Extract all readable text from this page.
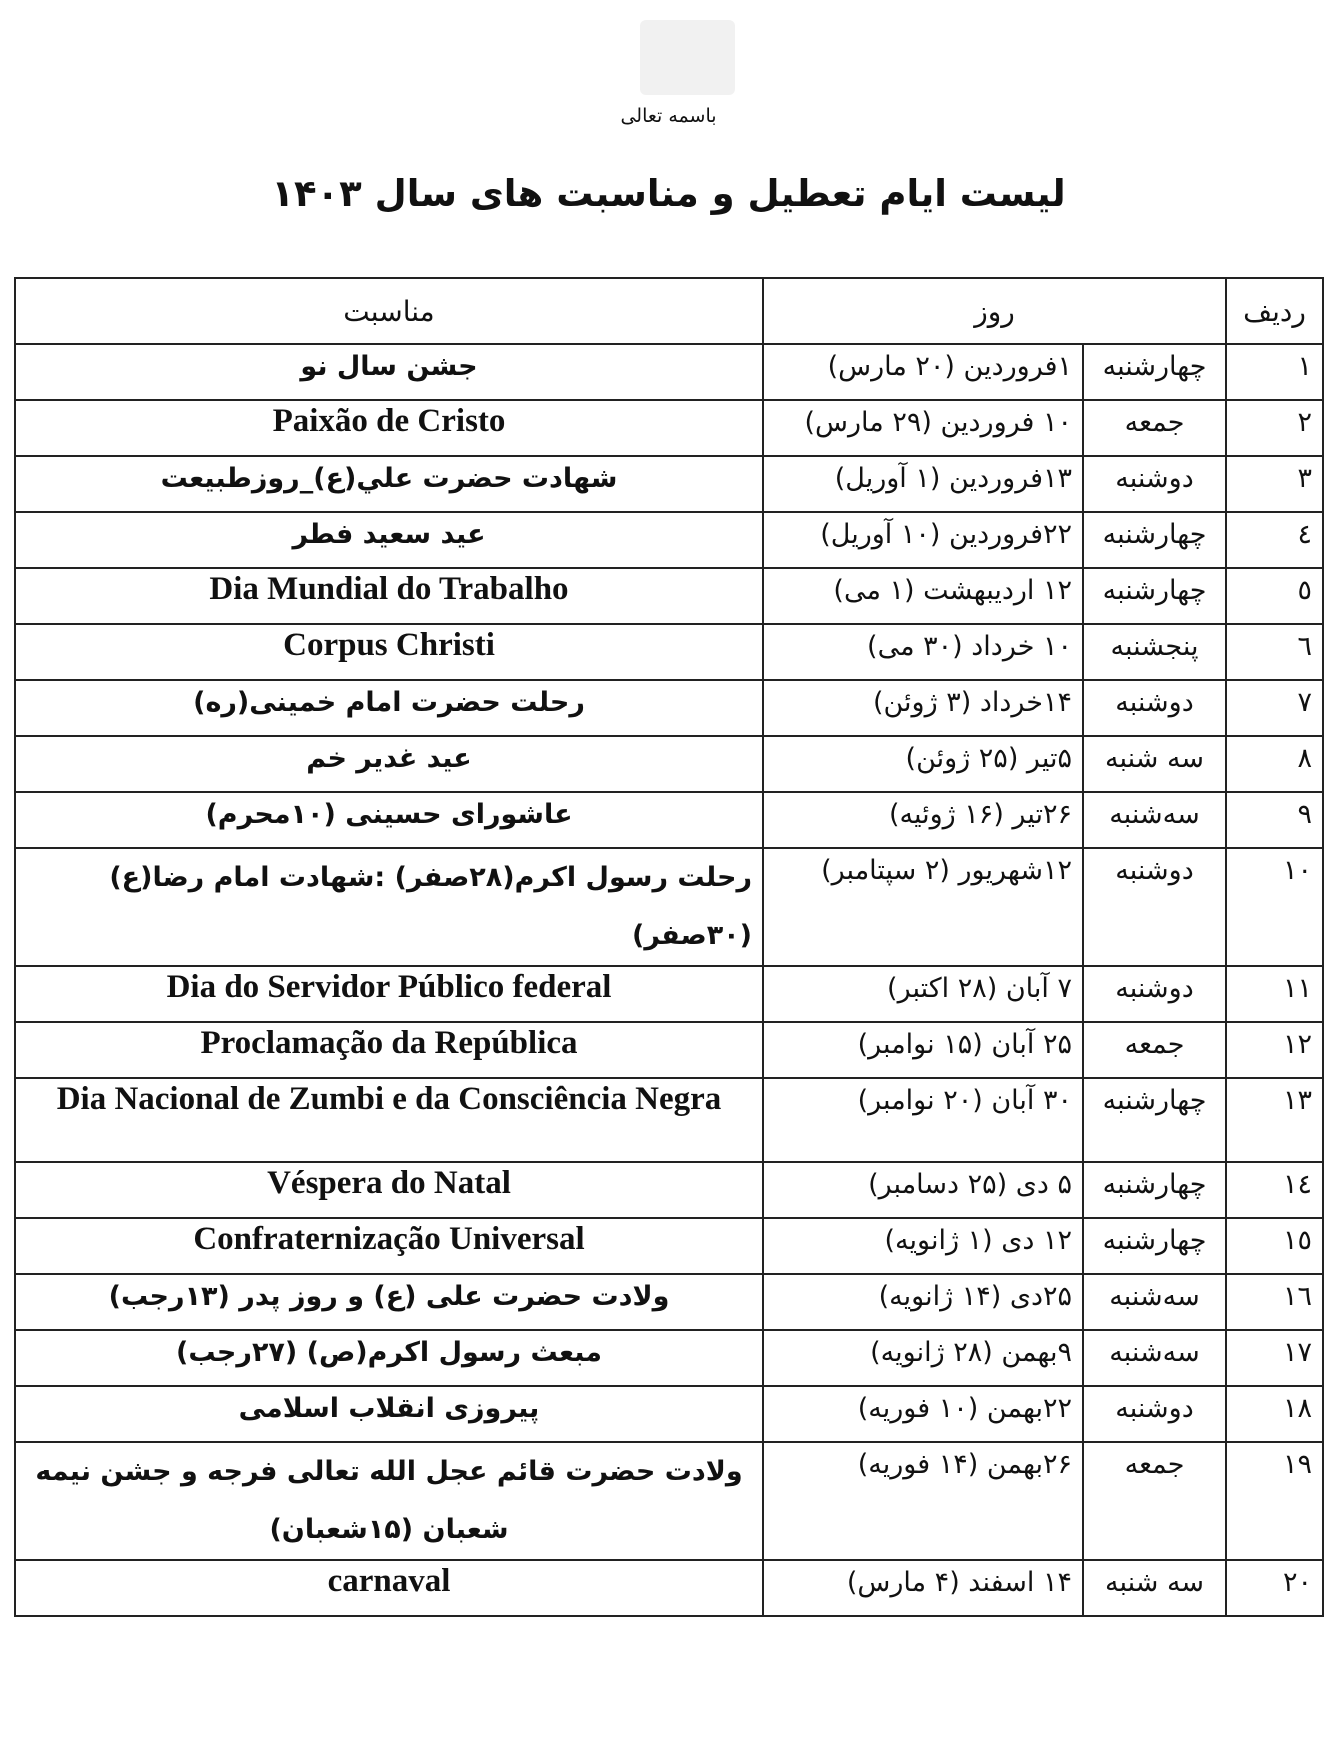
باسمه تعالی
لیست ایام تعطیل و مناسبت های سال ۱۴۰۳
ردیف	روز		مناسبت
۱	چهارشنبه	۱فروردین (۲۰ مارس)	جشن سال نو
۲	جمعه	۱۰ فروردین (۲۹ مارس)	Paixão de Cristo
۳	دوشنبه	۱۳فروردین (۱ آوریل)	شهادت حضرت علي(ع)_روزطبیعت
٤	چهارشنبه	۲۲فروردین (۱۰ آوریل)	عید سعید فطر
٥	چهارشنبه	۱۲ اردیبهشت (۱ می)	Dia Mundial do Trabalho
٦	پنجشنبه	۱۰ خرداد (۳۰ می)	Corpus Christi
۷	دوشنبه	۱۴خرداد (۳ ژوئن)	رحلت حضرت امام خمینی(ره)
۸	سه شنبه	۵تیر (۲۵ ژوئن)	عید غدیر خم
۹	سه‌شنبه	۲۶تیر (۱۶ ژوئیه)	عاشورای حسینی (۱۰محرم)
۱۰	دوشنبه	۱۲شهریور (۲ سپتامبر)	رحلت رسول اکرم(۲۸صفر) :شهادت امام رضا(ع) (۳۰صفر)
۱۱	دوشنبه	۷ آبان (۲۸ اکتبر)	Dia do Servidor Público federal
۱۲	جمعه	۲۵ آبان (۱۵ نوامبر)	Proclamação da República
۱۳	چهارشنبه	۳۰ آبان (۲۰ نوامبر)	Dia Nacional de Zumbi e da Consciência Negra
۱٤	چهارشنبه	۵ دی (۲۵ دسامبر)	Véspera do Natal
۱٥	چهارشنبه	۱۲ دی (۱ ژانویه)	Confraternização Universal
۱٦	سه‌شنبه	۲۵دی (۱۴ ژانویه)	ولادت حضرت علی (ع) و روز پدر (۱۳رجب)
۱۷	سه‌شنبه	۹بهمن (۲۸ ژانویه)	مبعث رسول اکرم(ص) (۲۷رجب)
۱۸	دوشنبه	۲۲بهمن (۱۰ فوریه)	پیروزی انقلاب اسلامی
۱۹	جمعه	۲۶بهمن (۱۴ فوریه)	ولادت حضرت قائم عجل الله تعالی فرجه و جشن نیمه شعبان (۱۵شعبان)
۲۰	سه شنبه	۱۴ اسفند (۴ مارس)	carnaval
